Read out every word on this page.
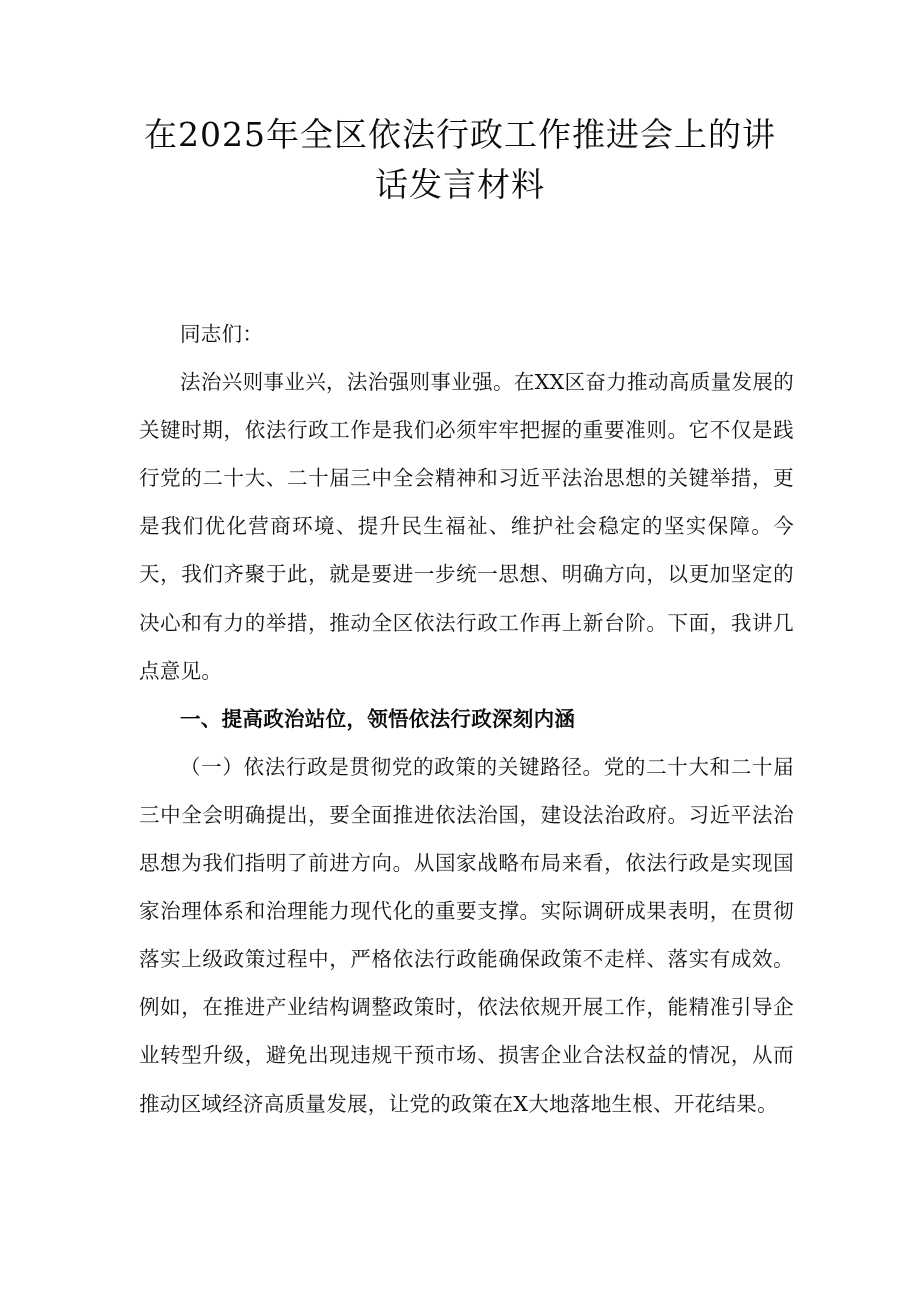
在2025年全区依法行政工作推进会上的讲
话发言材料

同志们：

法治兴则事业兴，法治强则事业强。在XX区奋力推动高质量发展的关键时期，依法行政工作是我们必须牢牢把握的重要准则。它不仅是践行党的二十大、二十届三中全会精神和习近平法治思想的关键举措，更是我们优化营商环境、提升民生福祉、维护社会稳定的坚实保障。今天，我们齐聚于此，就是要进一步统一思想、明确方向，以更加坚定的决心和有力的举措，推动全区依法行政工作再上新台阶。下面，我讲几点意见。

一、提高政治站位，领悟依法行政深刻内涵

（一）依法行政是贯彻党的政策的关键路径。党的二十大和二十届三中全会明确提出，要全面推进依法治国，建设法治政府。习近平法治思想为我们指明了前进方向。从国家战略布局来看，依法行政是实现国家治理体系和治理能力现代化的重要支撑。实际调研成果表明，在贯彻落实上级政策过程中，严格依法行政能确保政策不走样、落实有成效。例如，在推进产业结构调整政策时，依法依规开展工作，能精准引导企业转型升级，避免出现违规干预市场、损害企业合法权益的情况，从而推动区域经济高质量发展，让党的政策在X大地落地生根、开花结果。
